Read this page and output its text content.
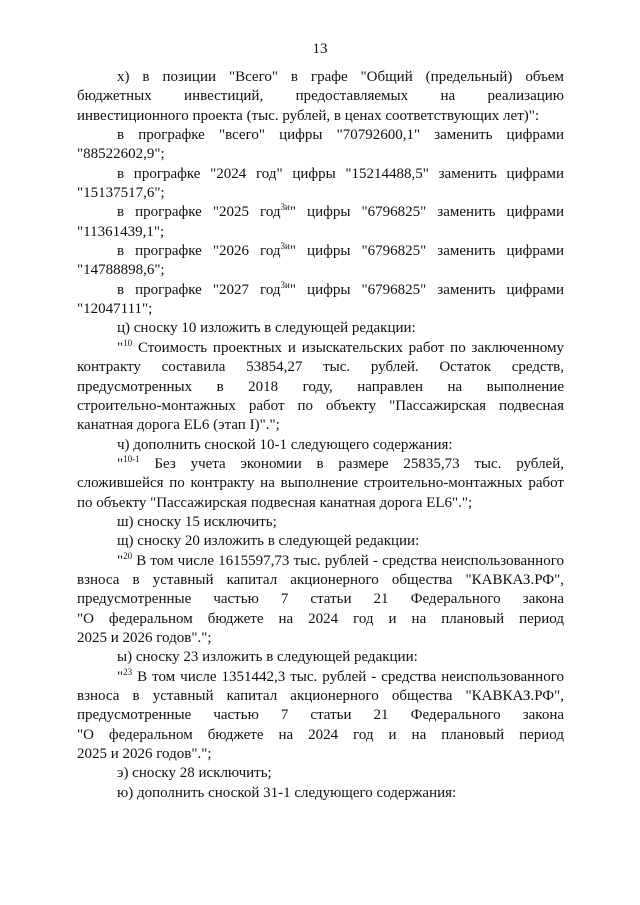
13
х) в позиции "Всего" в графе "Общий (предельный) объем
бюджетных инвестиций, предоставляемых на реализацию
инвестиционного проекта (тыс. рублей, в ценах соответствующих лет)":
в прографке "всего" цифры "70792600,1" заменить цифрами
"88522602,9";
в прографке "2024 год" цифры "15214488,5" заменить цифрами
"15137517,6";
в прографке "2025 год$^{3и}$" цифры "6796825" заменить цифрами
"11361439,1";
в прографке "2026 год$^{3и}$" цифры "6796825" заменить цифрами
"14788898,6";
в прографке "2027 год$^{3и}$" цифры "6796825" заменить цифрами
"12047111";
ц) сноску 10 изложить в следующей редакции:
"$^{10}$ Стоимость проектных и изыскательских работ по заключенному
контракту составила 53854,27 тыс. рублей. Остаток средств,
предусмотренных в 2018 году, направлен на выполнение
строительно-монтажных работ по объекту "Пассажирская подвесная
канатная дорога EL6 (этап I)".";
ч) дополнить сноской 10-1 следующего содержания:
"$^{10-1}$ Без учета экономии в размере 25835,73 тыс. рублей,
сложившейся по контракту на выполнение строительно-монтажных работ
по объекту "Пассажирская подвесная канатная дорога EL6".";
ш) сноску 15 исключить;
щ) сноску 20 изложить в следующей редакции:
"$^{20}$ В том числе 1615597,73 тыс. рублей - средства неиспользованного
взноса в уставный капитал акционерного общества "КАВКАЗ.РФ",
предусмотренные частью 7 статьи 21 Федерального закона
"О федеральном бюджете на 2024 год и на плановый период
2025 и 2026 годов".";
ы) сноску 23 изложить в следующей редакции:
"$^{23}$ В том числе 1351442,3 тыс. рублей - средства неиспользованного
взноса в уставный капитал акционерного общества "КАВКАЗ.РФ",
предусмотренные частью 7 статьи 21 Федерального закона
"О федеральном бюджете на 2024 год и на плановый период
2025 и 2026 годов".";
э) сноску 28 исключить;
ю) дополнить сноской 31-1 следующего содержания:
